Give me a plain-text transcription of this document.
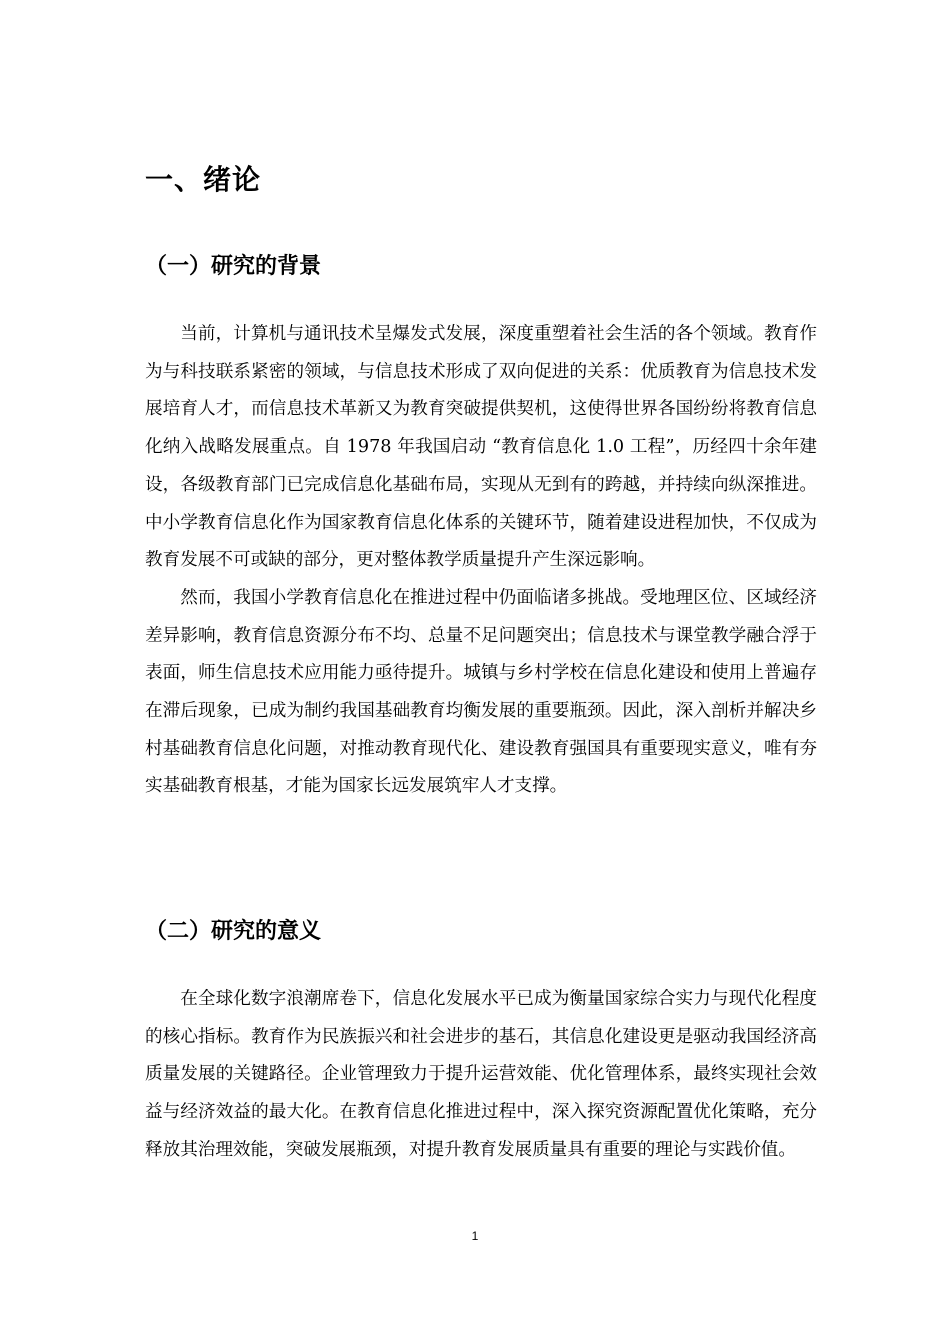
一、绪论
（一）研究的背景

当前，计算机与通讯技术呈爆发式发展，深度重塑着社会生活的各个领域。教育作为与科技联系紧密的领域，与信息技术形成了双向促进的关系：优质教育为信息技术发展培育人才，而信息技术革新又为教育突破提供契机，这使得世界各国纷纷将教育信息化纳入战略发展重点。自 1978 年我国启动 “教育信息化 1.0 工程”，历经四十余年建设，各级教育部门已完成信息化基础布局，实现从无到有的跨越，并持续向纵深推进。中小学教育信息化作为国家教育信息化体系的关键环节，随着建设进程加快，不仅成为教育发展不可或缺的部分，更对整体教学质量提升产生深远影响。

然而，我国小学教育信息化在推进过程中仍面临诸多挑战。受地理区位、区域经济差异影响，教育信息资源分布不均、总量不足问题突出；信息技术与课堂教学融合浮于表面，师生信息技术应用能力亟待提升。城镇与乡村学校在信息化建设和使用上普遍存在滞后现象，已成为制约我国基础教育均衡发展的重要瓶颈。因此，深入剖析并解决乡村基础教育信息化问题，对推动教育现代化、建设教育强国具有重要现实意义，唯有夯实基础教育根基，才能为国家长远发展筑牢人才支撑。

（二）研究的意义

在全球化数字浪潮席卷下，信息化发展水平已成为衡量国家综合实力与现代化程度的核心指标。教育作为民族振兴和社会进步的基石，其信息化建设更是驱动我国经济高质量发展的关键路径。企业管理致力于提升运营效能、优化管理体系，最终实现社会效益与经济效益的最大化。在教育信息化推进过程中，深入探究资源配置优化策略，充分释放其治理效能，突破发展瓶颈，对提升教育发展质量具有重要的理论与实践价值。

1
